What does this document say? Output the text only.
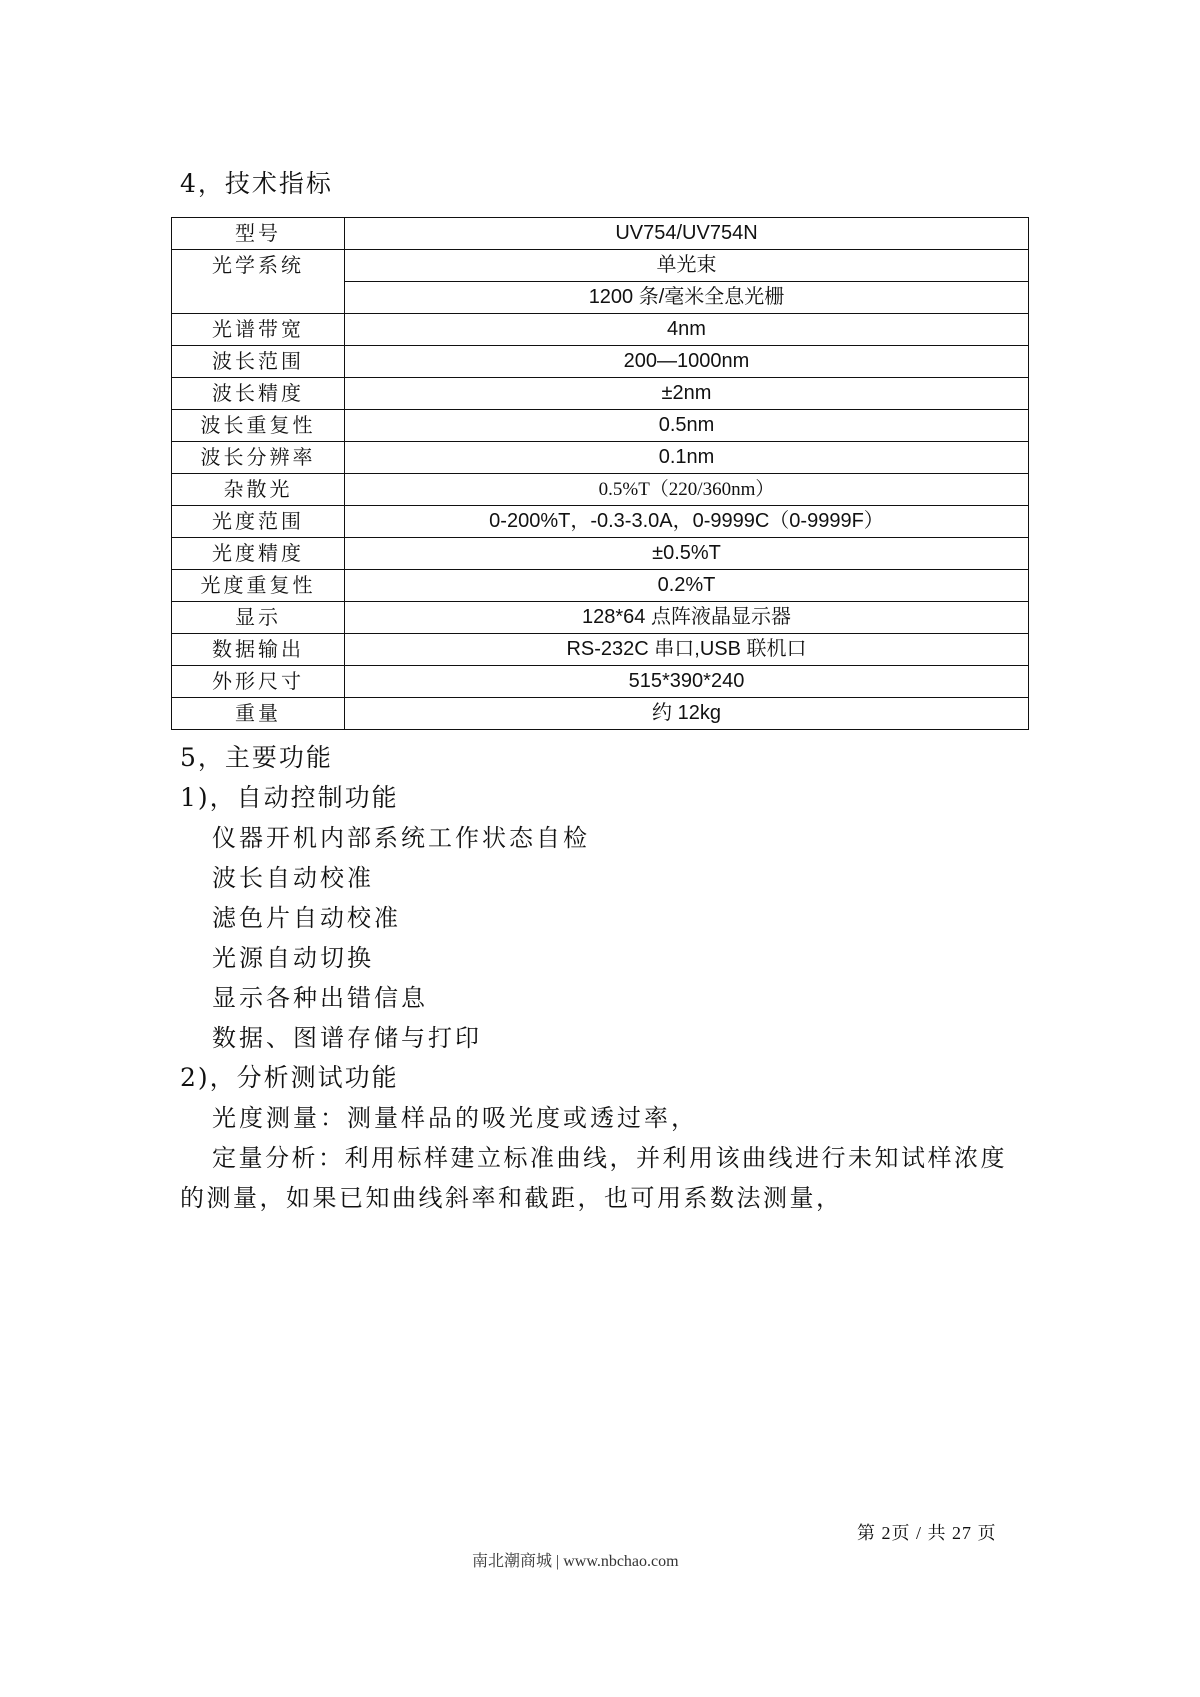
4，技术指标
型号	UV754/UV754N
光学系统	单光束
	1200 条/毫米全息光栅
光谱带宽	4nm
波长范围	200—1000nm
波长精度	±2nm
波长重复性	0.5nm
波长分辨率	0.1nm
杂散光	0.5%T（220/360nm）
光度范围	0-200%T，-0.3-3.0A，0-9999C（0-9999F）
光度精度	±0.5%T
光度重复性	0.2%T
显示	128*64 点阵液晶显示器
数据输出	RS-232C 串口,USB 联机口
外形尺寸	515*390*240
重量	约 12kg
5，主要功能
1)，自动控制功能
仪器开机内部系统工作状态自检
波长自动校准
滤色片自动校准
光源自动切换
显示各种出错信息
数据、图谱存储与打印
2)，分析测试功能
光度测量：测量样品的吸光度或透过率，
定量分析：利用标样建立标准曲线，并利用该曲线进行未知试样浓度的测量，如果已知曲线斜率和截距，也可用系数法测量，
第 2页 / 共 27 页
南北潮商城 | www.nbchao.com
